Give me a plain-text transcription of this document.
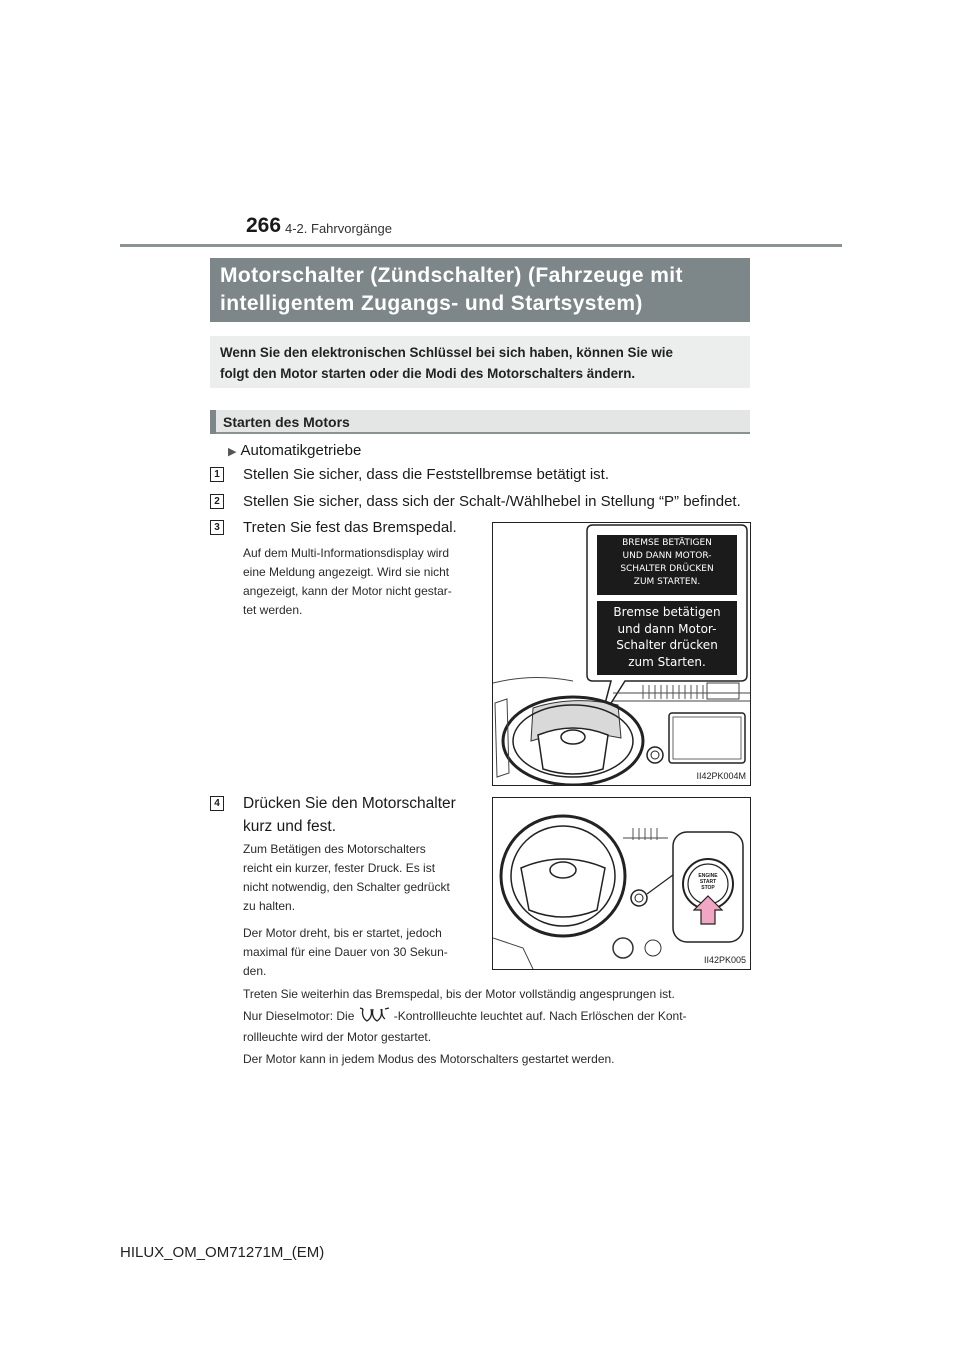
266 4-2. Fahrvorgänge
Motorschalter (Zündschalter) (Fahrzeuge mit
intelligentem Zugangs- und Startsystem)
Wenn Sie den elektronischen Schlüssel bei sich haben, können Sie wie
folgt den Motor starten oder die Modi des Motorschalters ändern.
Starten des Motors
▶ Automatikgetriebe
1 Stellen Sie sicher, dass die Feststellbremse betätigt ist.
2 Stellen Sie sicher, dass sich der Schalt-/Wählhebel in Stellung “P” befindet.
3 Treten Sie fest das Bremspedal.
Auf dem Multi-Informationsdisplay wird
eine Meldung angezeigt. Wird sie nicht
angezeigt, kann der Motor nicht gestar-
tet werden.
BREMSE BETÄTIGEN
UND DANN MOTOR-
SCHALTER DRÜCKEN
ZUM STARTEN.
Bremse betätigen
und dann Motor-
Schalter drücken
zum Starten.
II42PK004M
4 Drücken Sie den Motorschalter
kurz und fest.
Zum Betätigen des Motorschalters
reicht ein kurzer, fester Druck. Es ist
nicht notwendig, den Schalter gedrückt
zu halten.
Der Motor dreht, bis er startet, jedoch
maximal für eine Dauer von 30 Sekun-
den.
ENGINE
START
STOP
II42PK005
Treten Sie weiterhin das Bremspedal, bis der Motor vollständig angesprungen ist.
Nur Dieselmotor: Die	-Kontrollleuchte leuchtet auf. Nach Erlöschen der Kont-
rollleuchte wird der Motor gestartet.
Der Motor kann in jedem Modus des Motorschalters gestartet werden.
HILUX_OM_OM71271M_(EM)
